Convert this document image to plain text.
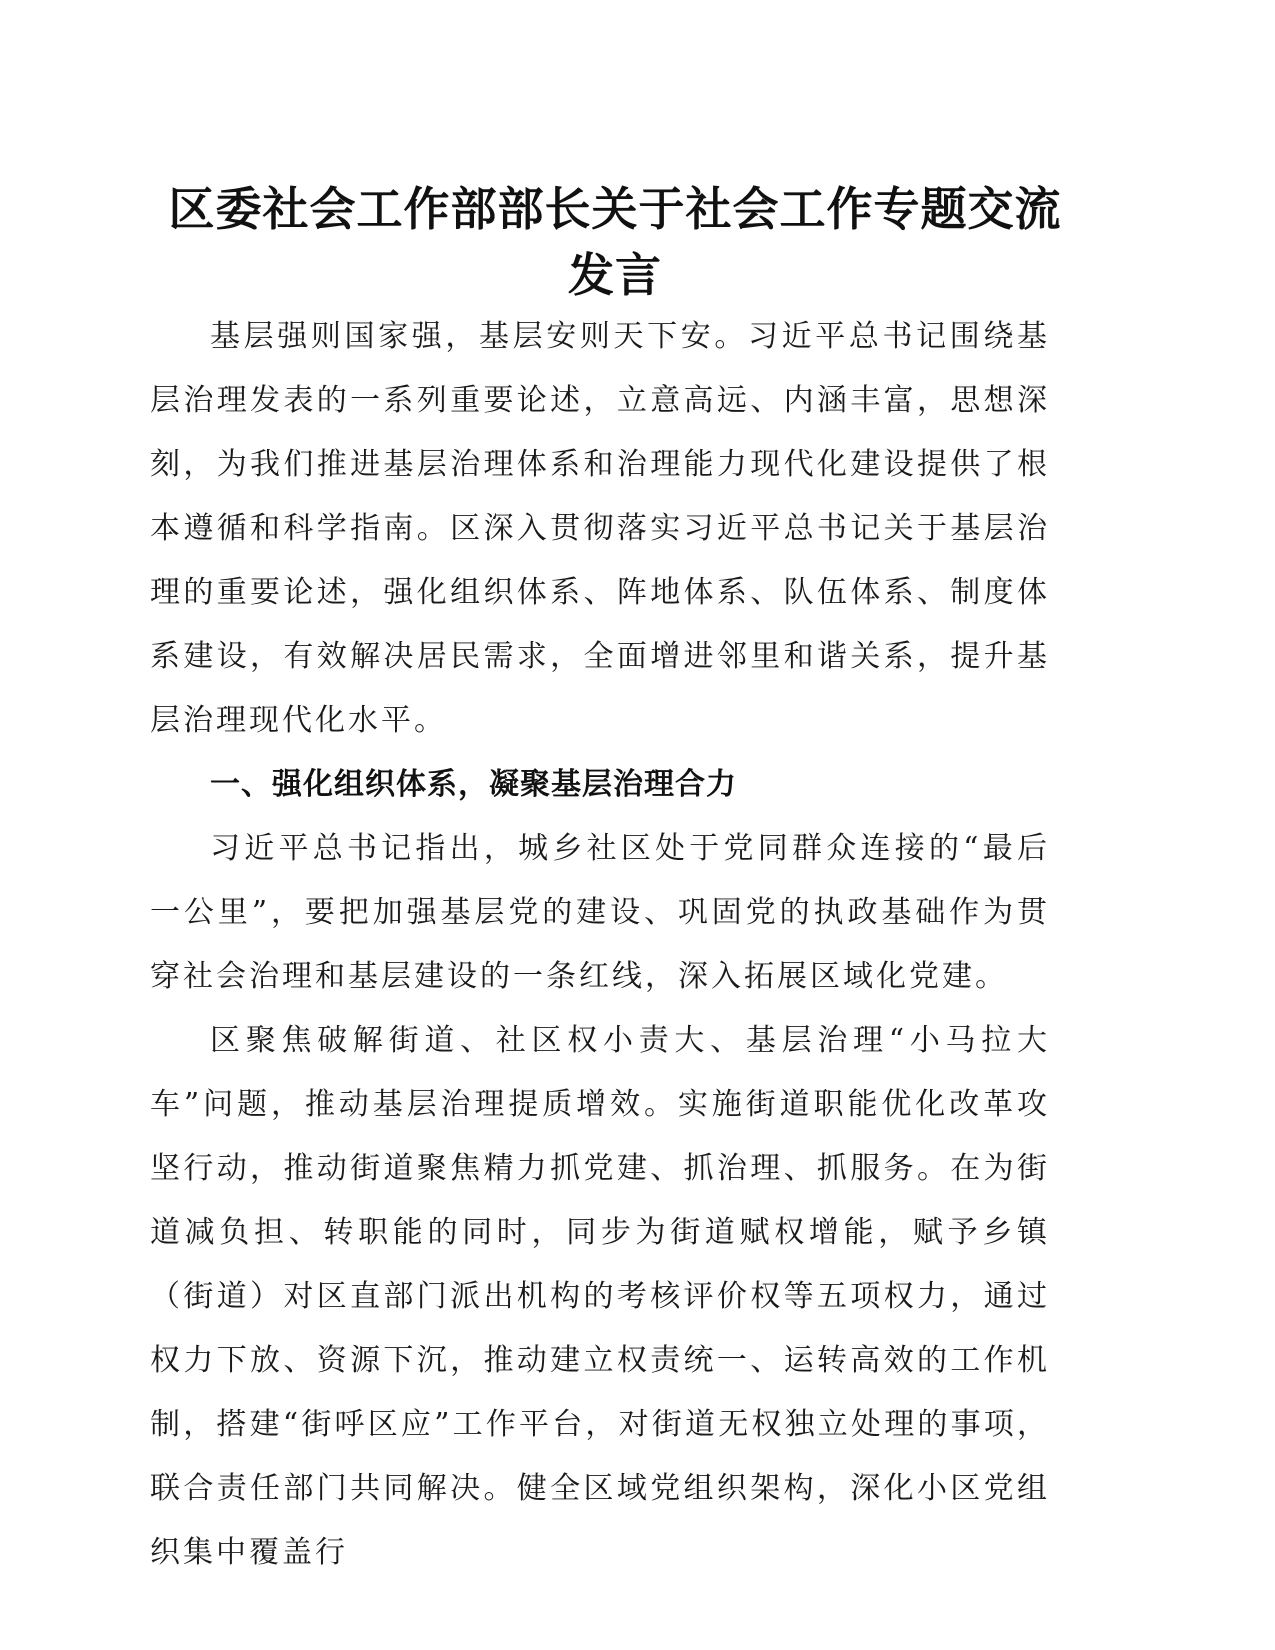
区委社会工作部部长关于社会工作专题交流发言

基层强则国家强，基层安则天下安。习近平总书记围绕基层治理发表的一系列重要论述，立意高远、内涵丰富，思想深刻，为我们推进基层治理体系和治理能力现代化建设提供了根本遵循和科学指南。区深入贯彻落实习近平总书记关于基层治理的重要论述，强化组织体系、阵地体系、队伍体系、制度体系建设，有效解决居民需求，全面增进邻里和谐关系，提升基层治理现代化水平。

一、强化组织体系，凝聚基层治理合力

习近平总书记指出，城乡社区处于党同群众连接的“最后一公里”，要把加强基层党的建设、巩固党的执政基础作为贯穿社会治理和基层建设的一条红线，深入拓展区域化党建。

区聚焦破解街道、社区权小责大、基层治理“小马拉大车”问题，推动基层治理提质增效。实施街道职能优化改革攻坚行动，推动街道聚焦精力抓党建、抓治理、抓服务。在为街道减负担、转职能的同时，同步为街道赋权增能，赋予乡镇（街道）对区直部门派出机构的考核评价权等五项权力，通过权力下放、资源下沉，推动建立权责统一、运转高效的工作机制，搭建“街呼区应”工作平台，对街道无权独立处理的事项，联合责任部门共同解决。健全区域党组织架构，深化小区党组织集中覆盖行
